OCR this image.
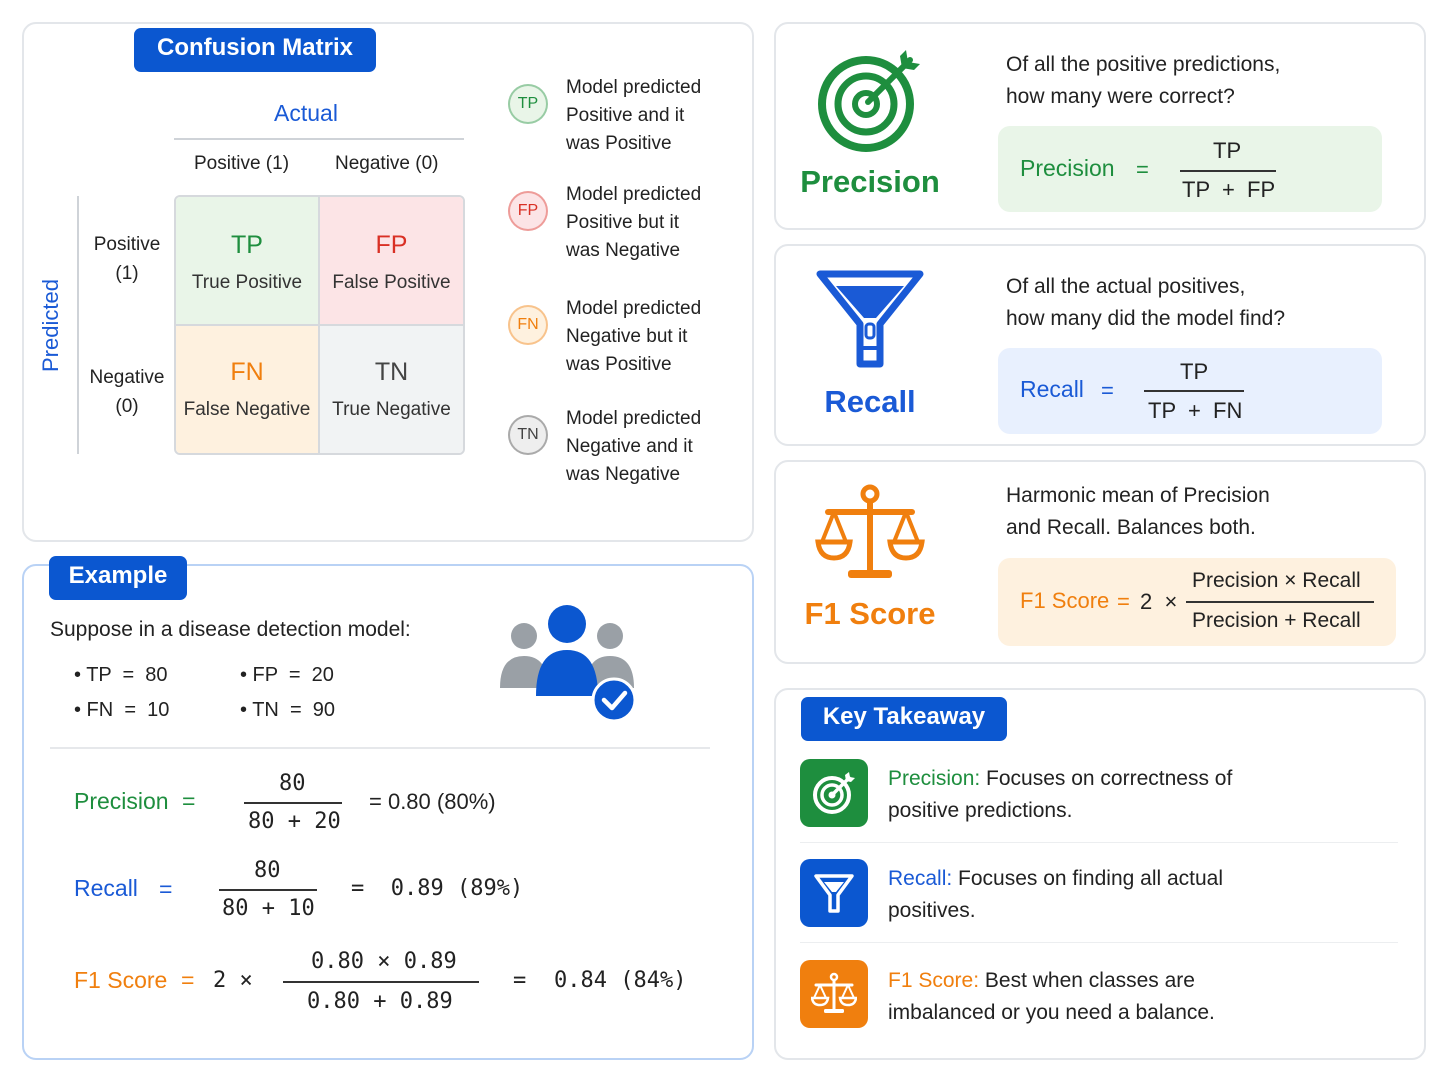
Confusion Matrix
Actual
Positive (1) Negative (0)
Predicted
Positive
(1)
Negative
(0)
TP
True Positive
FP
False Positive
FN
False Negative
TN
True Negative
TP
Model predicted
Positive and it
was Positive
FP
Model predicted
Positive but it
was Negative
FN
Model predicted
Negative but it
was Positive
TN
Model predicted
Negative and it
was Negative
Precision
Of all the positive predictions,
how many were correct?
Precision =
TP
TP  +  FP
Recall
Of all the actual positives,
how many did the model find?
Recall =
TP
TP  +  FN
F1 Score
Harmonic mean of Precision
and Recall. Balances both.
F1 Score = 2  ×
Precision × Recall
Precision + Recall
Example
Suppose in a disease detection model:
• TP  =  80	• FP  =  20
• FN  =  10	• TN  =  90
Precision =
80
80 + 20
= 0.80 (80%)
Recall =
80
80 + 10
=  0.89 (89%)
F1 Score = 2 ×
0.80 × 0.89
0.80 + 0.89
= 0.84 (84%)
Key Takeaway
Precision: Focuses on correctness of positive predictions.
Recall: Focuses on finding all actual positives.
F1 Score: Best when classes are imbalanced or you need a balance.
